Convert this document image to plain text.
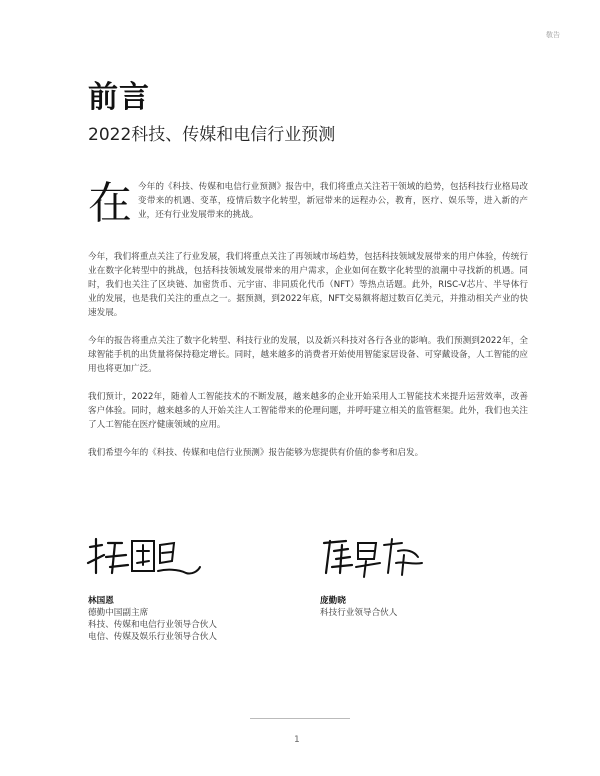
敬告
前言
2022科技、传媒和电信行业预测

在 今年的《科技、传媒和电信行业预测》报告中，我们将重点关注若干领域的趋势，包括科技行业格局改变带来的机遇、变革，疫情后数字化转型，新冠带来的远程办公，教育，医疗、娱乐等，进入新的产业，还有行业发展带来的挑战。

今年，我们将重点关注了行业发展，我们将重点关注了再领域市场趋势，包括科技领域发展带来的用户体验，传统行业在数字化转型中的挑战，包括科技领域发展带来的用户需求，企业如何在数字化转型的浪潮中寻找新的机遇。同时，我们也关注了区块链、加密货币、元宇宙、非同质化代币（NFT）等热点话题。此外，RISC-V芯片、半导体行业的发展，也是我们关注的重点之一。据预测，到2022年底，NFT交易额将超过数百亿美元，并推动相关产业的快速发展。

今年的报告将重点关注了数字化转型、科技行业的发展，以及新兴科技对各行各业的影响。我们预测到2022年，全球智能手机的出货量将保持稳定增长。同时，越来越多的消费者开始使用智能家居设备、可穿戴设备，人工智能的应用也将更加广泛。

我们预计，2022年，随着人工智能技术的不断发展，越来越多的企业开始采用人工智能技术来提升运营效率，改善客户体验。同时，越来越多的人开始关注人工智能带来的伦理问题，并呼吁建立相关的监管框架。此外，我们也关注了人工智能在医疗健康领域的应用。

我们希望今年的《科技、传媒和电信行业预测》报告能够为您提供有价值的参考和启发。

林国恩
德勤中国副主席
科技、传媒和电信行业领导合伙人
电信、传媒及娱乐行业领导合伙人
庞勤晓
科技行业领导合伙人
1
